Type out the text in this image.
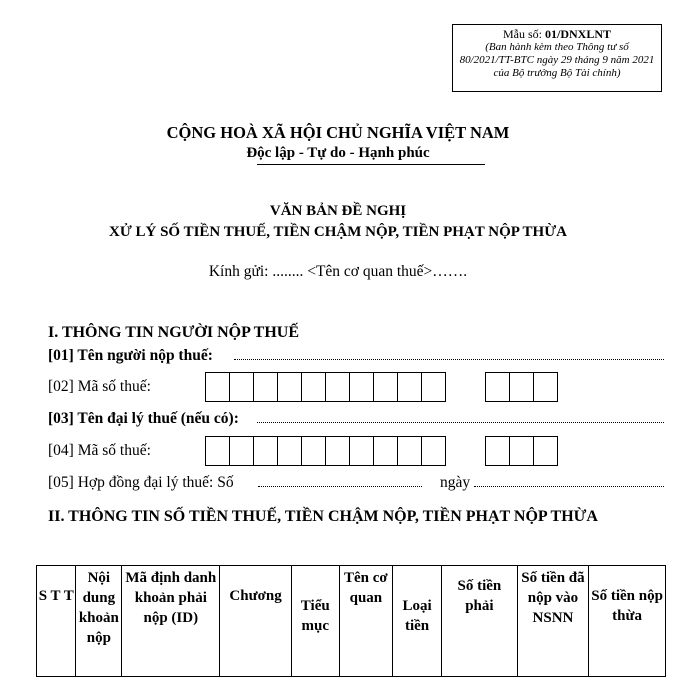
Mẫu số: 01/DNXLNT
(Ban hành kèm theo Thông tư số
80/2021/TT-BTC ngày 29 tháng 9 năm 2021
của Bộ trưởng Bộ Tài chính)
CỘNG HOÀ XÃ HỘI CHỦ NGHĨA VIỆT NAM
Độc lập - Tự do - Hạnh phúc
VĂN BẢN ĐỀ NGHỊ
XỬ LÝ SỐ TIỀN THUẾ, TIỀN CHẬM NỘP, TIỀN PHẠT NỘP THỪA
Kính gửi: ........ <Tên cơ quan thuế>…….
I. THÔNG TIN NGƯỜI NỘP THUẾ
[01] Tên người nộp thuế:
[02] Mã số thuế:
[03] Tên đại lý thuế (nếu có):
[04] Mã số thuế:
[05] Hợp đồng đại lý thuế: Số	ngày
II. THÔNG TIN SỐ TIỀN THUẾ, TIỀN CHẬM NỘP, TIỀN PHẠT NỘP THỪA
S T T	Nội dung khoản nộp	Mã định danh khoản phải nộp (ID)	Chương	Tiểu mục	Tên cơ quan	Loại tiền	Số tiền phải	Số tiền đã nộp vào NSNN	Số tiền nộp thừa
